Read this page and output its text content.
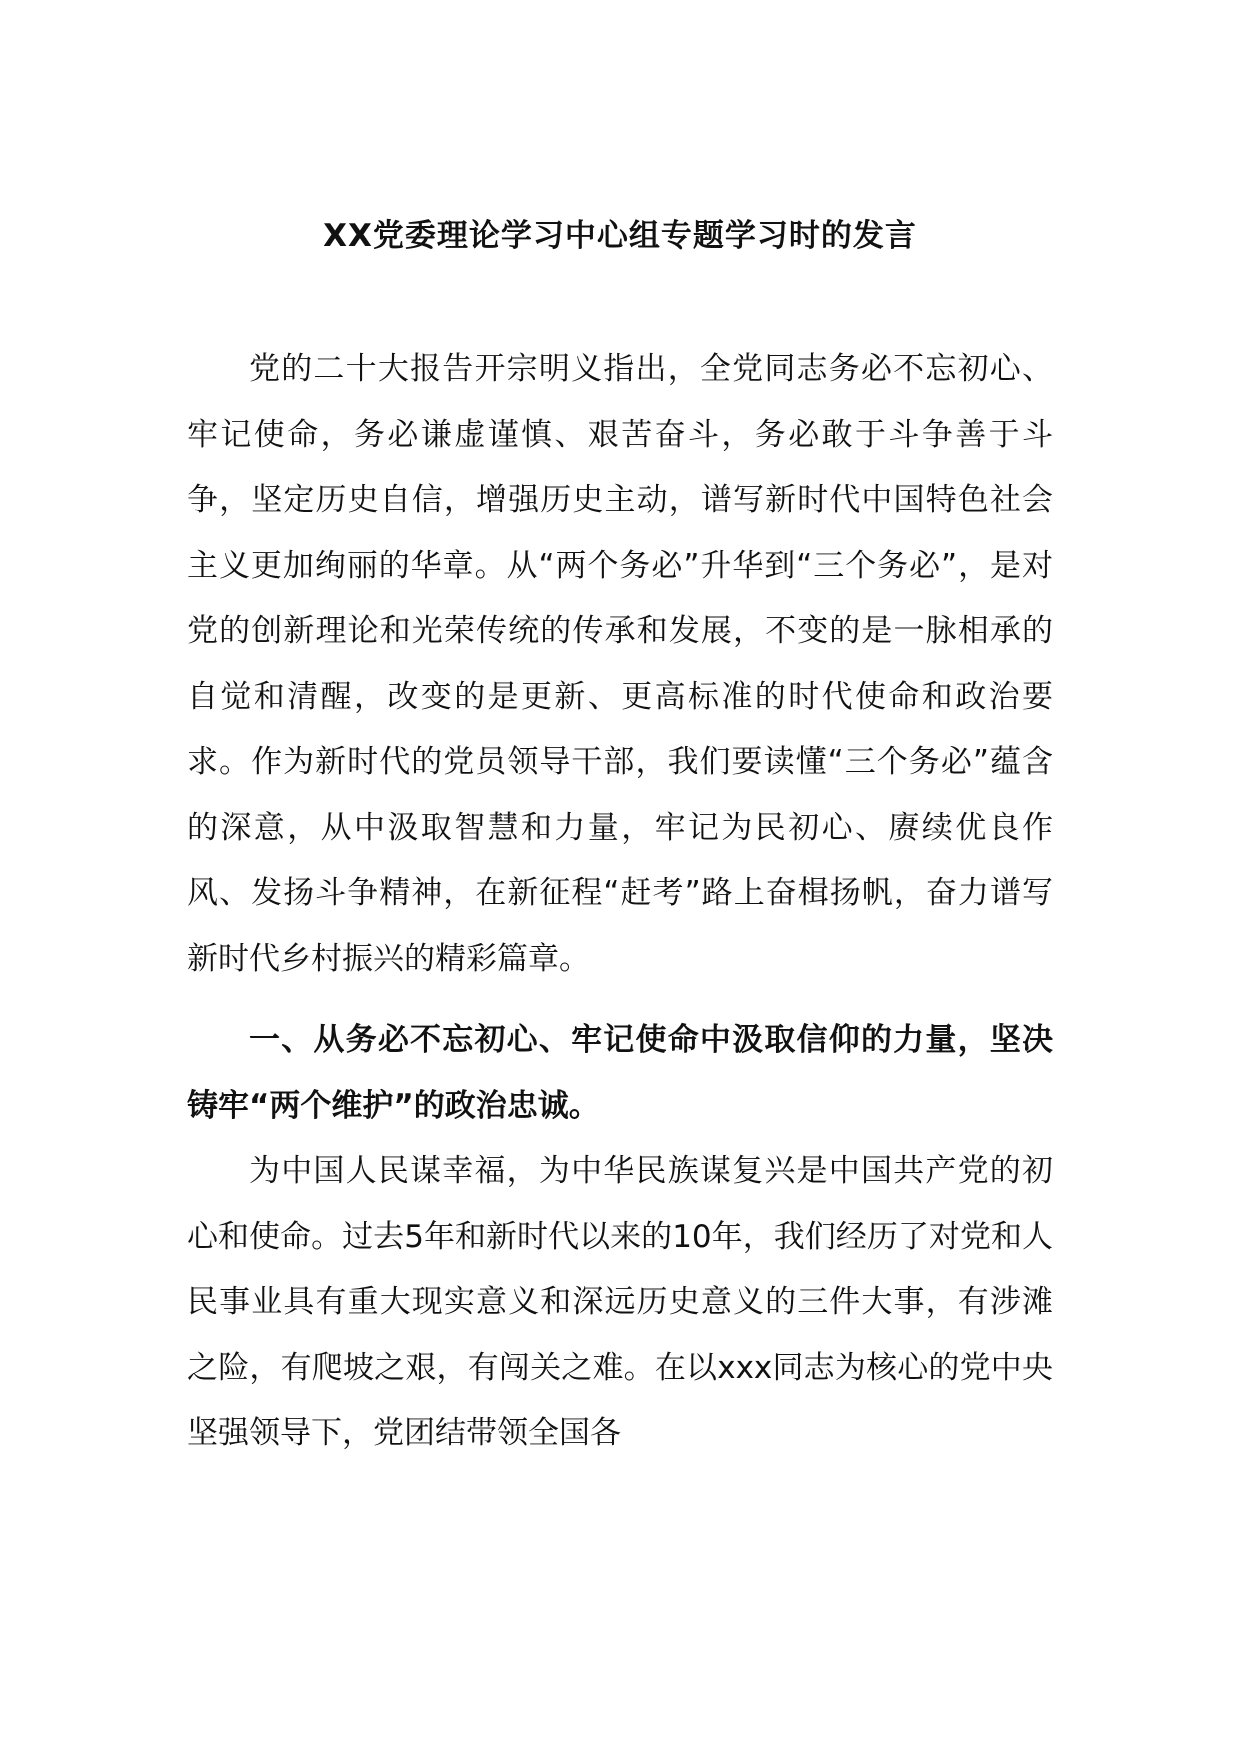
XX党委理论学习中心组专题学习时的发言

党的二十大报告开宗明义指出，全党同志务必不忘初心、牢记使命，务必谦虚谨慎、艰苦奋斗，务必敢于斗争善于斗争，坚定历史自信，增强历史主动，谱写新时代中国特色社会主义更加绚丽的华章。从“两个务必”升华到“三个务必”，是对党的创新理论和光荣传统的传承和发展，不变的是一脉相承的自觉和清醒，改变的是更新、更高标准的时代使命和政治要求。作为新时代的党员领导干部，我们要读懂“三个务必”蕴含的深意，从中汲取智慧和力量，牢记为民初心、赓续优良作风、发扬斗争精神，在新征程“赶考”路上奋楫扬帆，奋力谱写新时代乡村振兴的精彩篇章。

一、从务必不忘初心、牢记使命中汲取信仰的力量，坚决铸牢“两个维护”的政治忠诚。

为中国人民谋幸福，为中华民族谋复兴是中国共产党的初心和使命。过去5年和新时代以来的10年，我们经历了对党和人民事业具有重大现实意义和深远历史意义的三件大事，有涉滩之险，有爬坡之艰，有闯关之难。在以xxx同志为核心的党中央坚强领导下，党团结带领全国各
